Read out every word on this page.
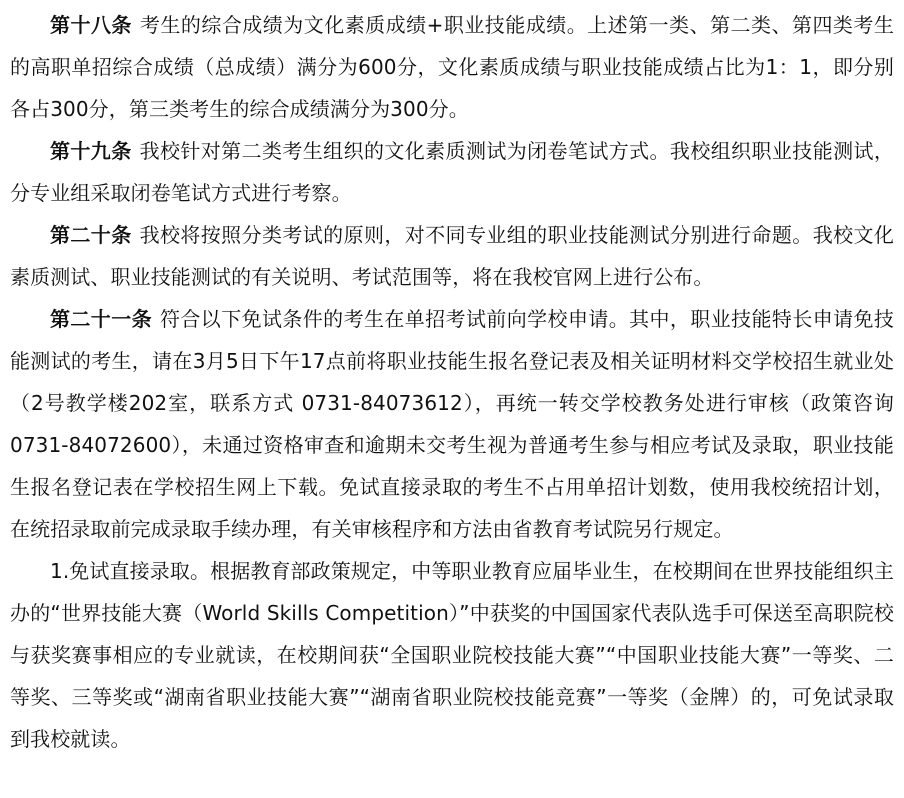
第十八条 考生的综合成绩为文化素质成绩+职业技能成绩。上述第一类、第二类、第四类考生的高职单招综合成绩（总成绩）满分为600分，文化素质成绩与职业技能成绩占比为1：1，即分别各占300分，第三类考生的综合成绩满分为300分。

第十九条 我校针对第二类考生组织的文化素质测试为闭卷笔试方式。我校组织职业技能测试，分专业组采取闭卷笔试方式进行考察。

第二十条 我校将按照分类考试的原则，对不同专业组的职业技能测试分别进行命题。我校文化素质测试、职业技能测试的有关说明、考试范围等，将在我校官网上进行公布。

第二十一条 符合以下免试条件的考生在单招考试前向学校申请。其中，职业技能特长申请免技能测试的考生，请在3月5日下午17点前将职业技能生报名登记表及相关证明材料交学校招生就业处（2号教学楼202室，联系方式 0731-84073612），再统一转交学校教务处进行审核（政策咨询0731-84072600），未通过资格审查和逾期未交考生视为普通考生参与相应考试及录取，职业技能生报名登记表在学校招生网上下载。免试直接录取的考生不占用单招计划数，使用我校统招计划，在统招录取前完成录取手续办理，有关审核程序和方法由省教育考试院另行规定。

1.免试直接录取。根据教育部政策规定，中等职业教育应届毕业生，在校期间在世界技能组织主办的“世界技能大赛（World Skills Competition）”中获奖的中国国家代表队选手可保送至高职院校与获奖赛事相应的专业就读，在校期间获“全国职业院校技能大赛”“中国职业技能大赛”一等奖、二等奖、三等奖或“湖南省职业技能大赛”“湖南省职业院校技能竞赛”一等奖（金牌）的，可免试录取到我校就读。
